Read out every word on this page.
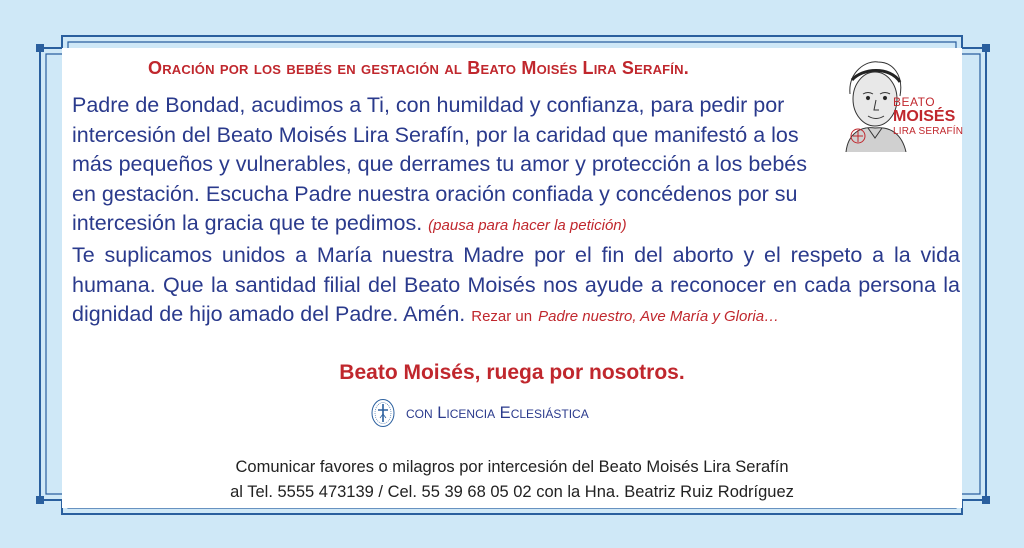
Oración por los bebés en gestación al Beato Moisés Lira Serafín.
BEATO
MOISÉS
LIRA SERAFÍN

Padre de Bondad, acudimos a Ti, con humildad y confianza, para pedir por intercesión del Beato Moisés Lira Serafín, por la caridad que manifestó a los más pequeños y vulnerables, que derrames tu amor y protección a los bebés en gestación. Escucha Padre nuestra oración confiada y concédenos por su intercesión la gracia que te pedimos. (pausa para hacer la petición)

Te suplicamos unidos a María nuestra Madre por el fin del aborto y el respeto a la vida humana. Que la santidad filial del Beato Moisés nos ayude a reconocer en cada persona la dignidad de hijo amado del Padre. Amén. Rezar un Padre nuestro, Ave María y Gloria…

Beato Moisés, ruega por nosotros.
con Licencia Eclesiástica
Comunicar favores o milagros por intercesión del Beato Moisés Lira Serafín
al Tel. 5555 473139 / Cel. 55 39 68 05 02 con la Hna. Beatriz Ruiz Rodríguez
